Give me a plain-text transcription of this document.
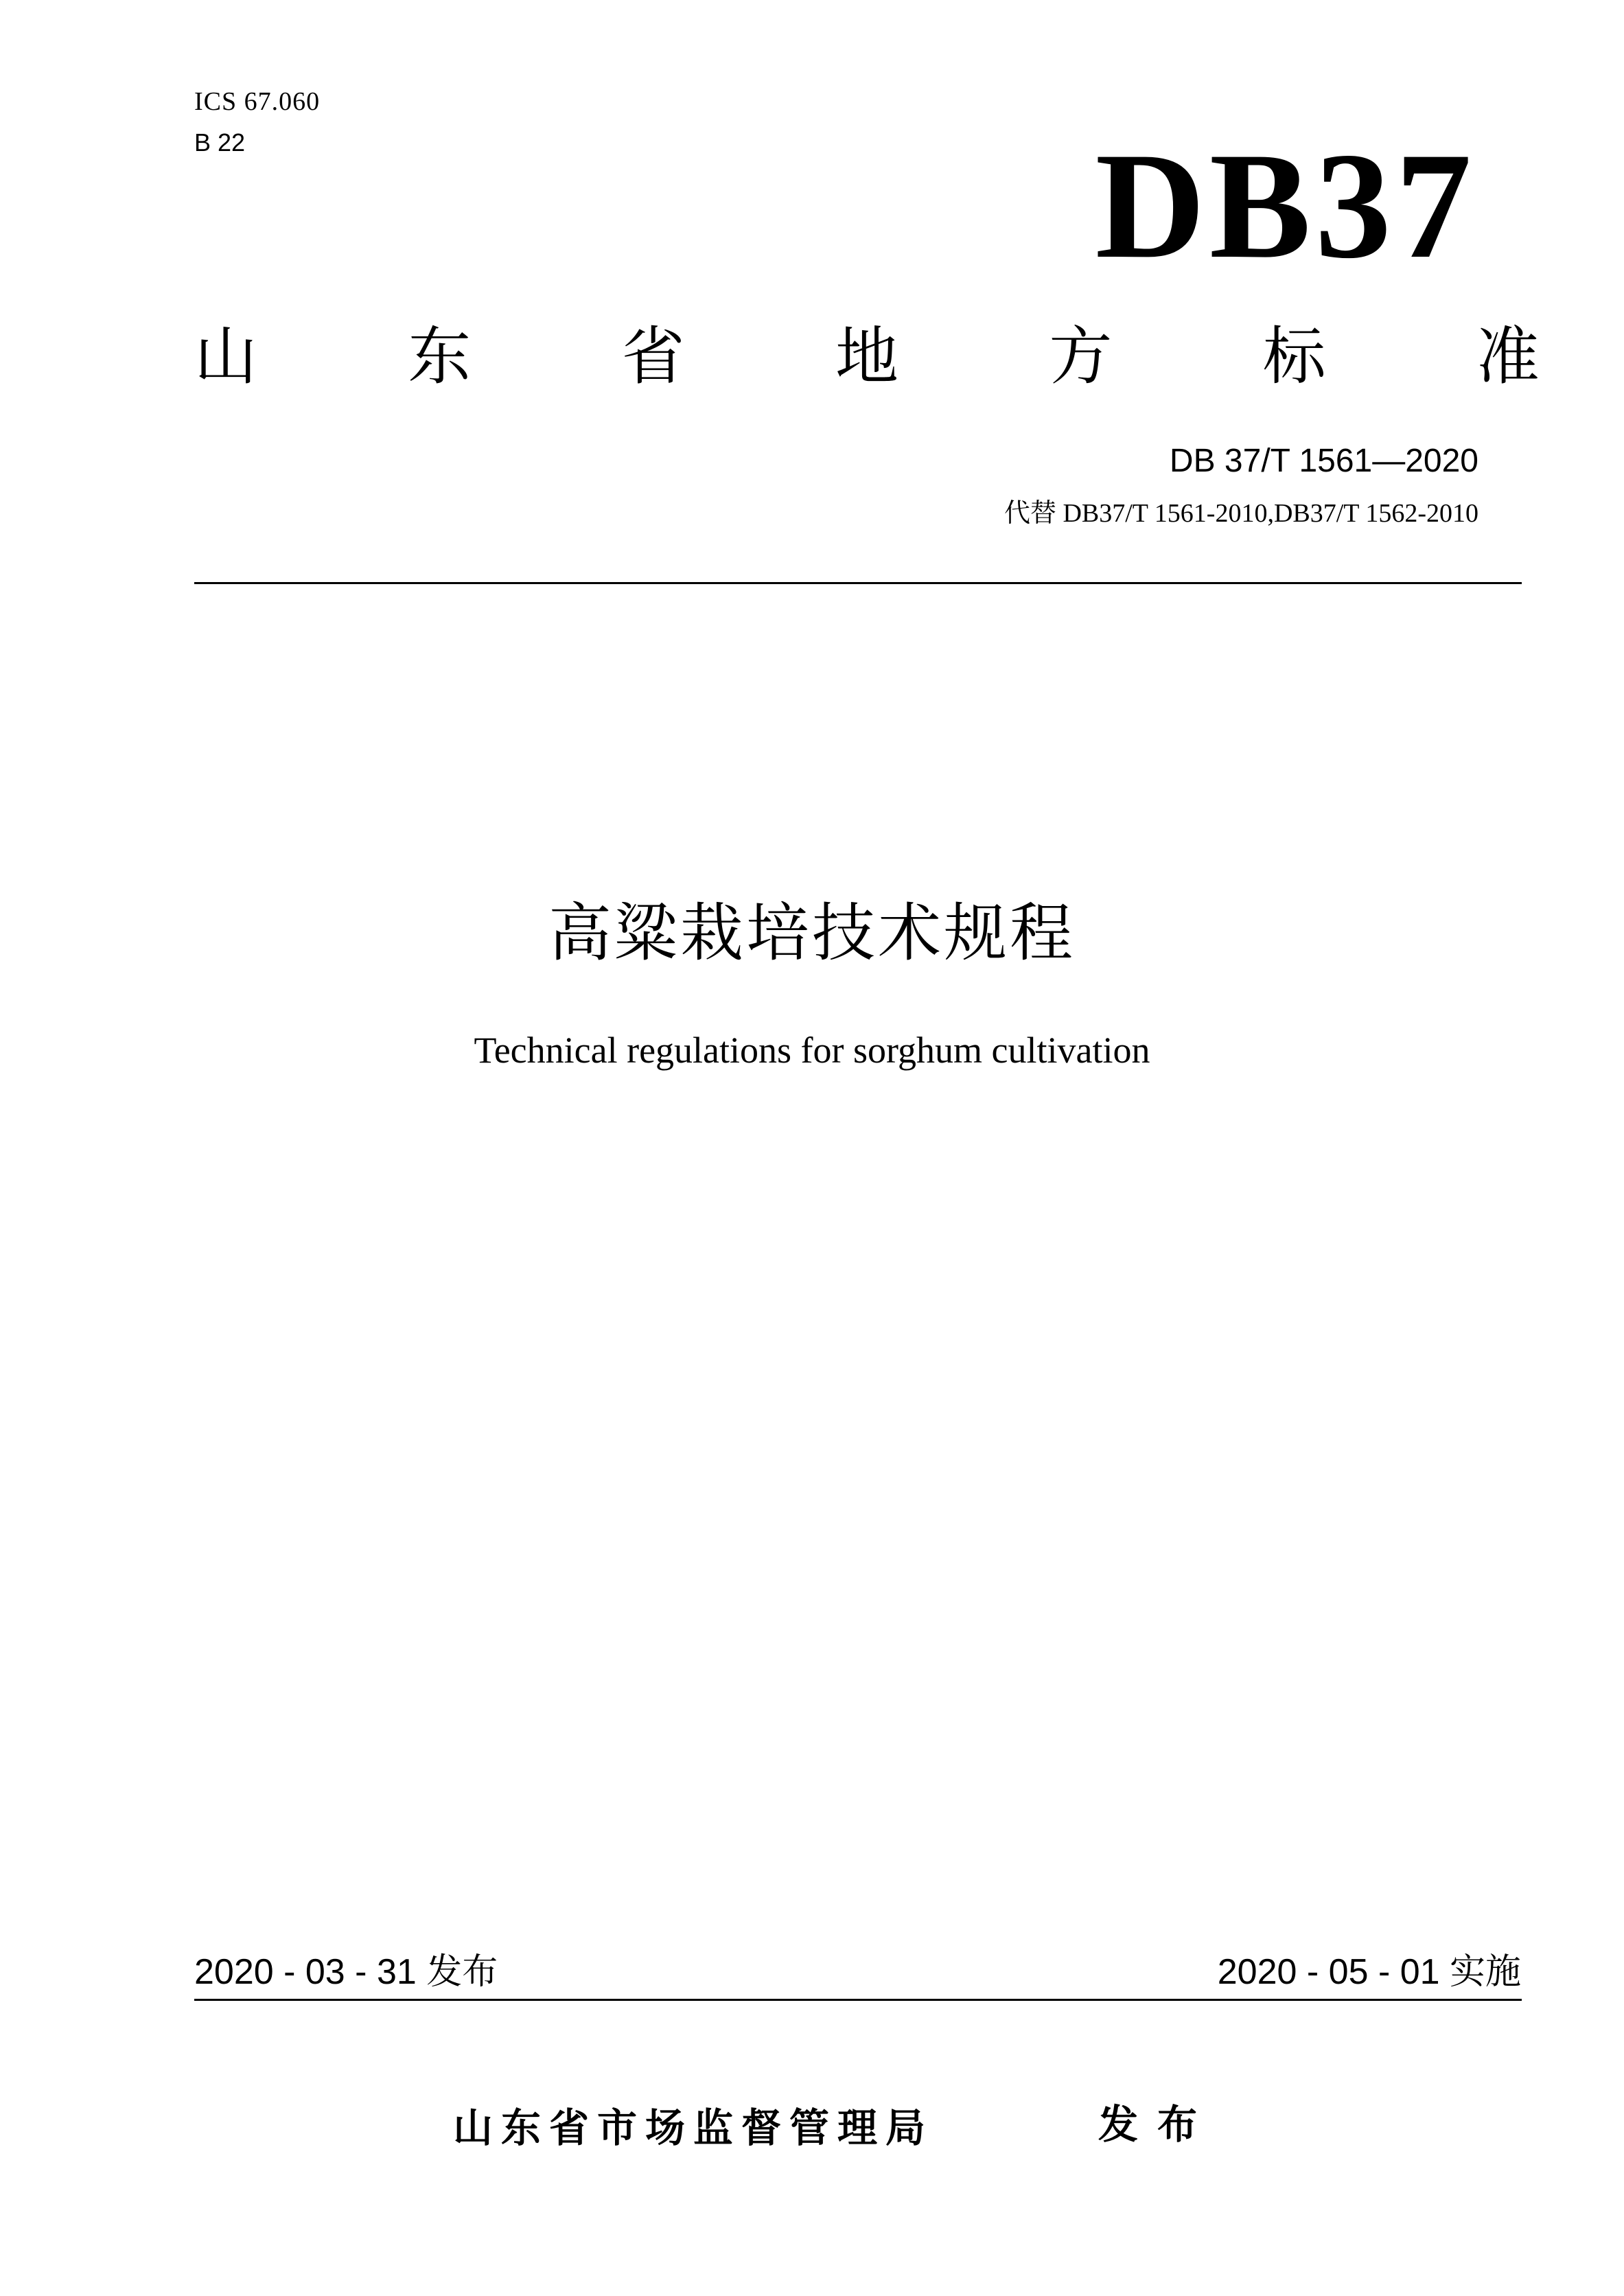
ICS 67.060
B 22	DB37
山 东 省 地 方 标 准
DB 37/T 1561—2020
代替 DB37/T 1561-2010,DB37/T 1562-2010
高粱栽培技术规程
Technical regulations for sorghum cultivation
2020 - 03 - 31 发布	2020 - 05 - 01 实施
山东省市场监督管理局	发布
